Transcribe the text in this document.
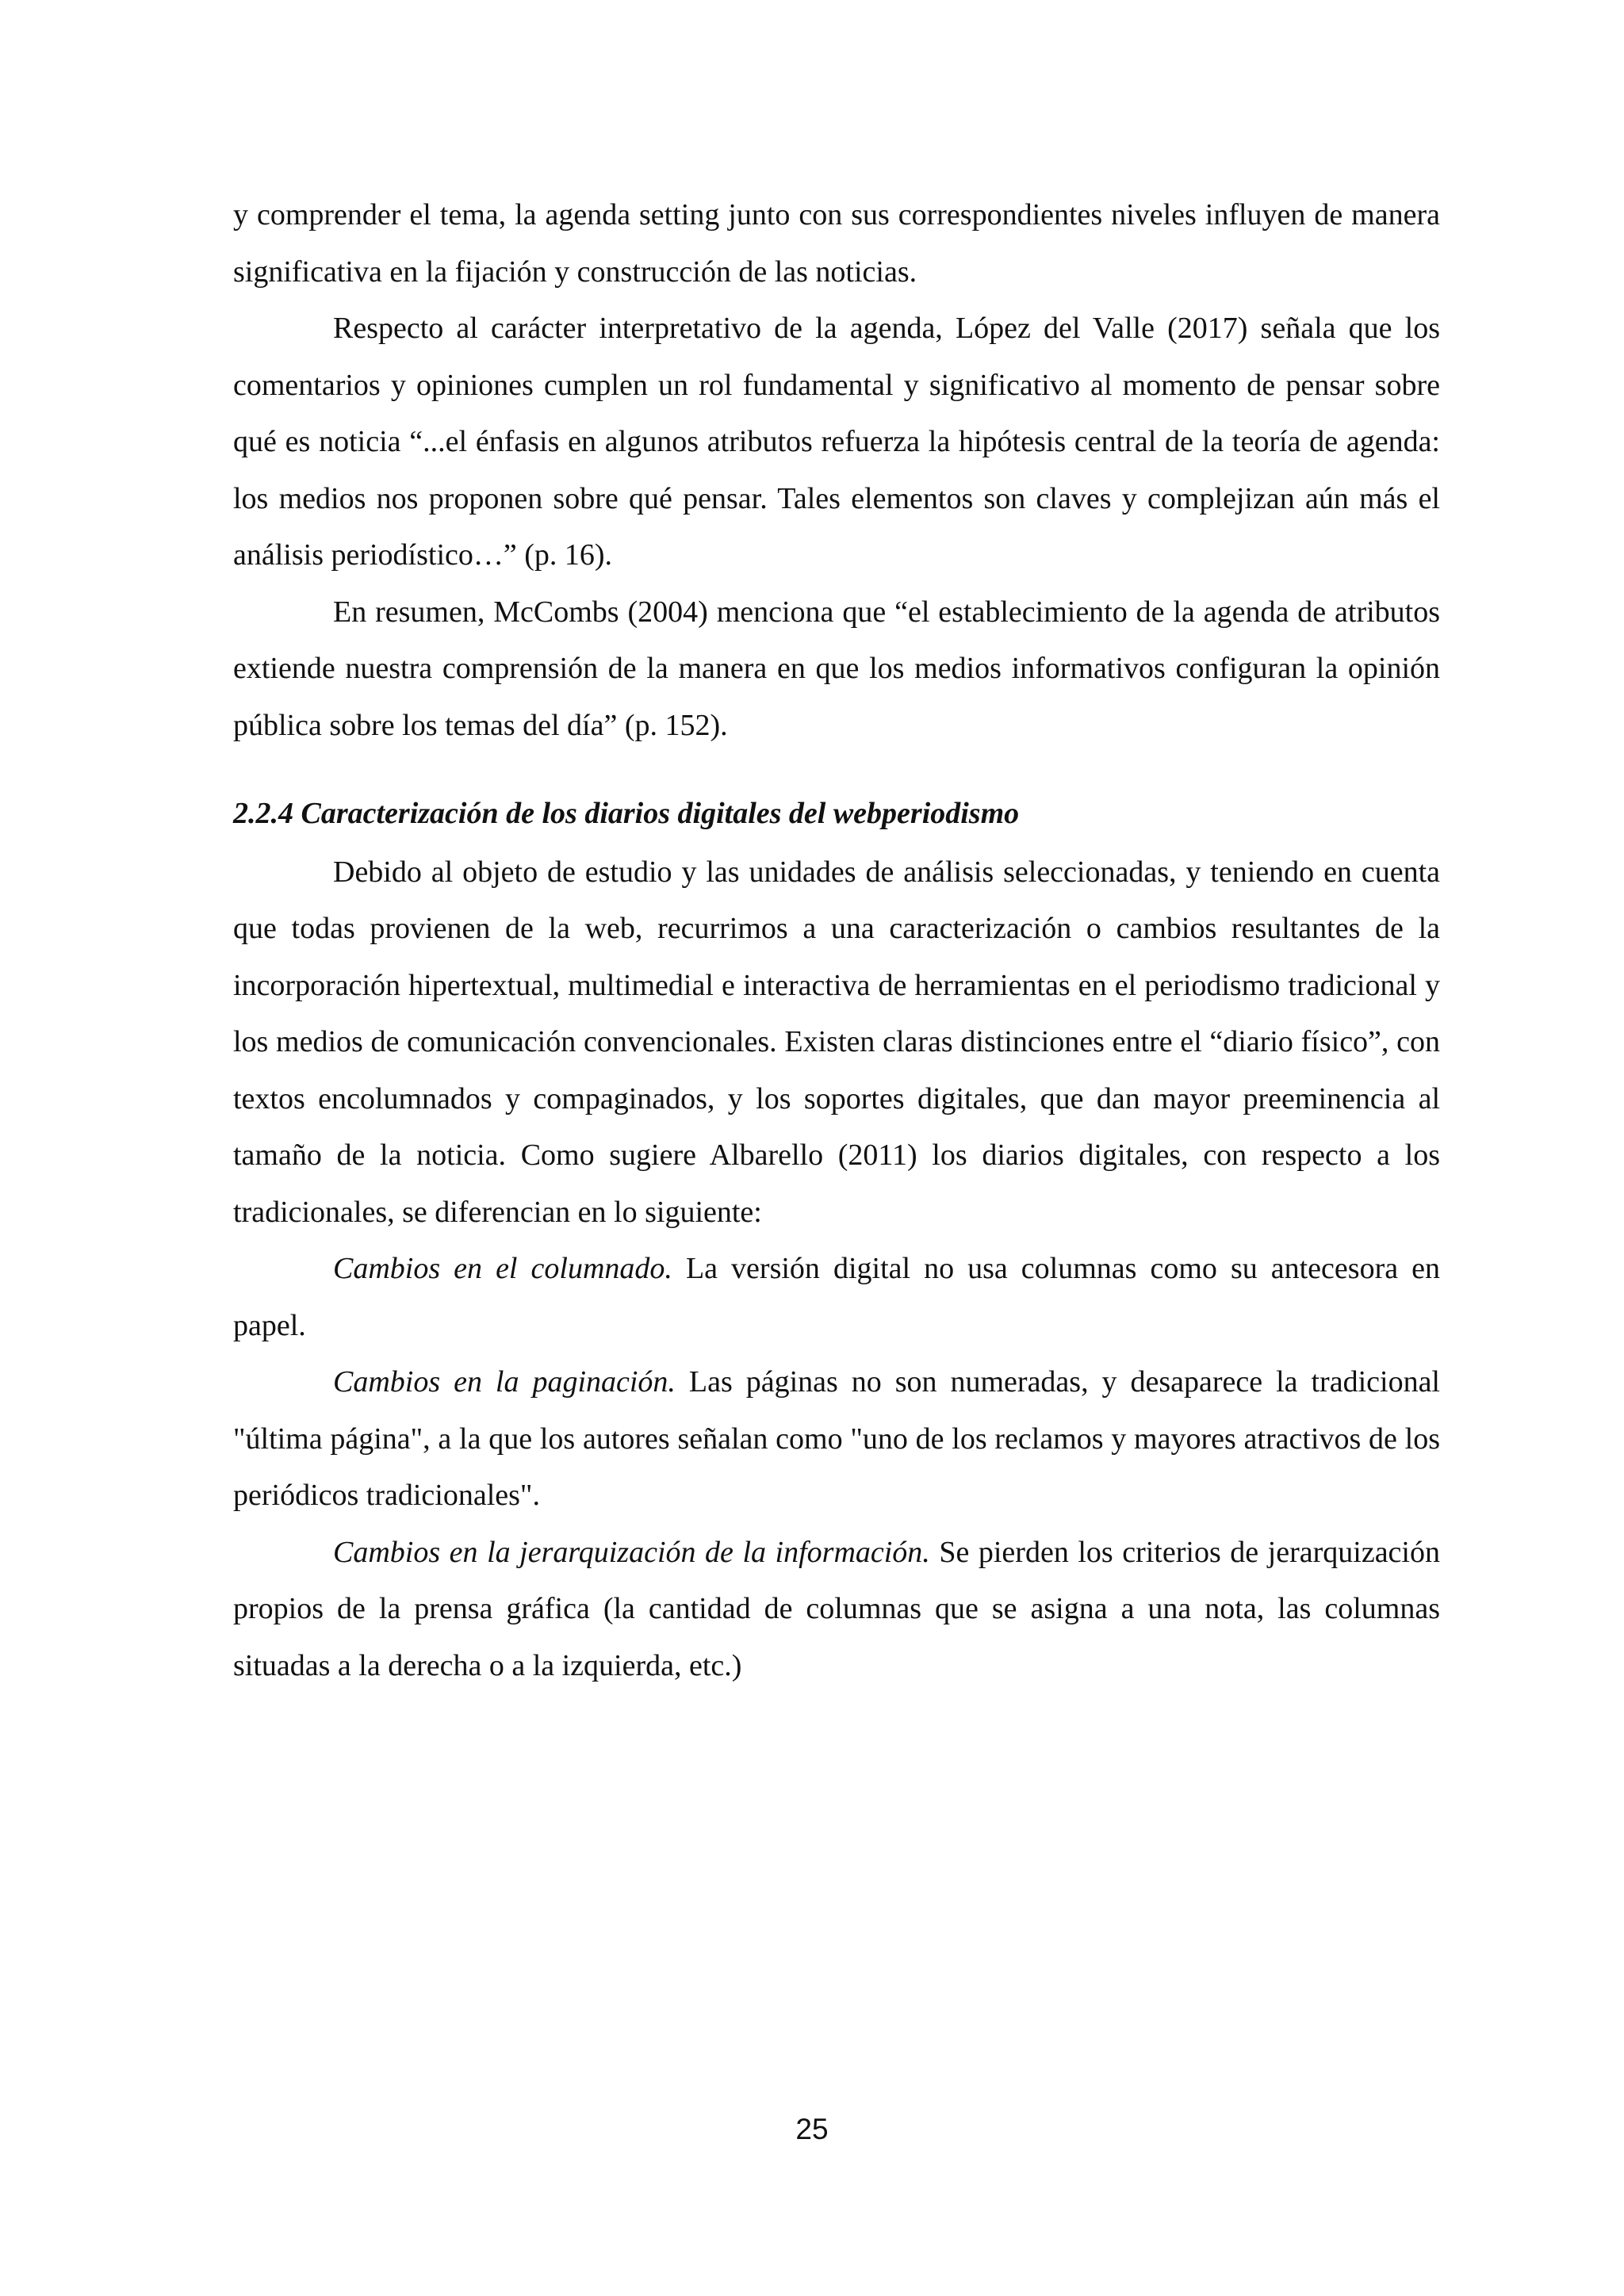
y comprender el tema, la agenda setting junto con sus correspondientes niveles influyen de manera significativa en la fijación y construcción de las noticias.

Respecto al carácter interpretativo de la agenda, López del Valle (2017) señala que los comentarios y opiniones cumplen un rol fundamental y significativo al momento de pensar sobre qué es noticia “...el énfasis en algunos atributos refuerza la hipótesis central de la teoría de agenda: los medios nos proponen sobre qué pensar. Tales elementos son claves y complejizan aún más el análisis periodístico…” (p. 16).

En resumen, McCombs (2004) menciona que “el establecimiento de la agenda de atributos extiende nuestra comprensión de la manera en que los medios informativos configuran la opinión pública sobre los temas del día” (p. 152).

2.2.4 Caracterización de los diarios digitales del webperiodismo

Debido al objeto de estudio y las unidades de análisis seleccionadas, y teniendo en cuenta que todas provienen de la web, recurrimos a una caracterización o cambios resultantes de la incorporación hipertextual, multimedial e interactiva de herramientas en el periodismo tradicional y los medios de comunicación convencionales. Existen claras distinciones entre el “diario físico”, con textos encolumnados y compaginados, y los soportes digitales, que dan mayor preeminencia al tamaño de la noticia. Como sugiere Albarello (2011) los diarios digitales, con respecto a los tradicionales, se diferencian en lo siguiente:

Cambios en el columnado. La versión digital no usa columnas como su antecesora en papel.

Cambios en la paginación. Las páginas no son numeradas, y desaparece la tradicional "última página", a la que los autores señalan como "uno de los reclamos y mayores atractivos de los periódicos tradicionales".

Cambios en la jerarquización de la información. Se pierden los criterios de jerarquización propios de la prensa gráfica (la cantidad de columnas que se asigna a una nota, las columnas situadas a la derecha o a la izquierda, etc.)

25
